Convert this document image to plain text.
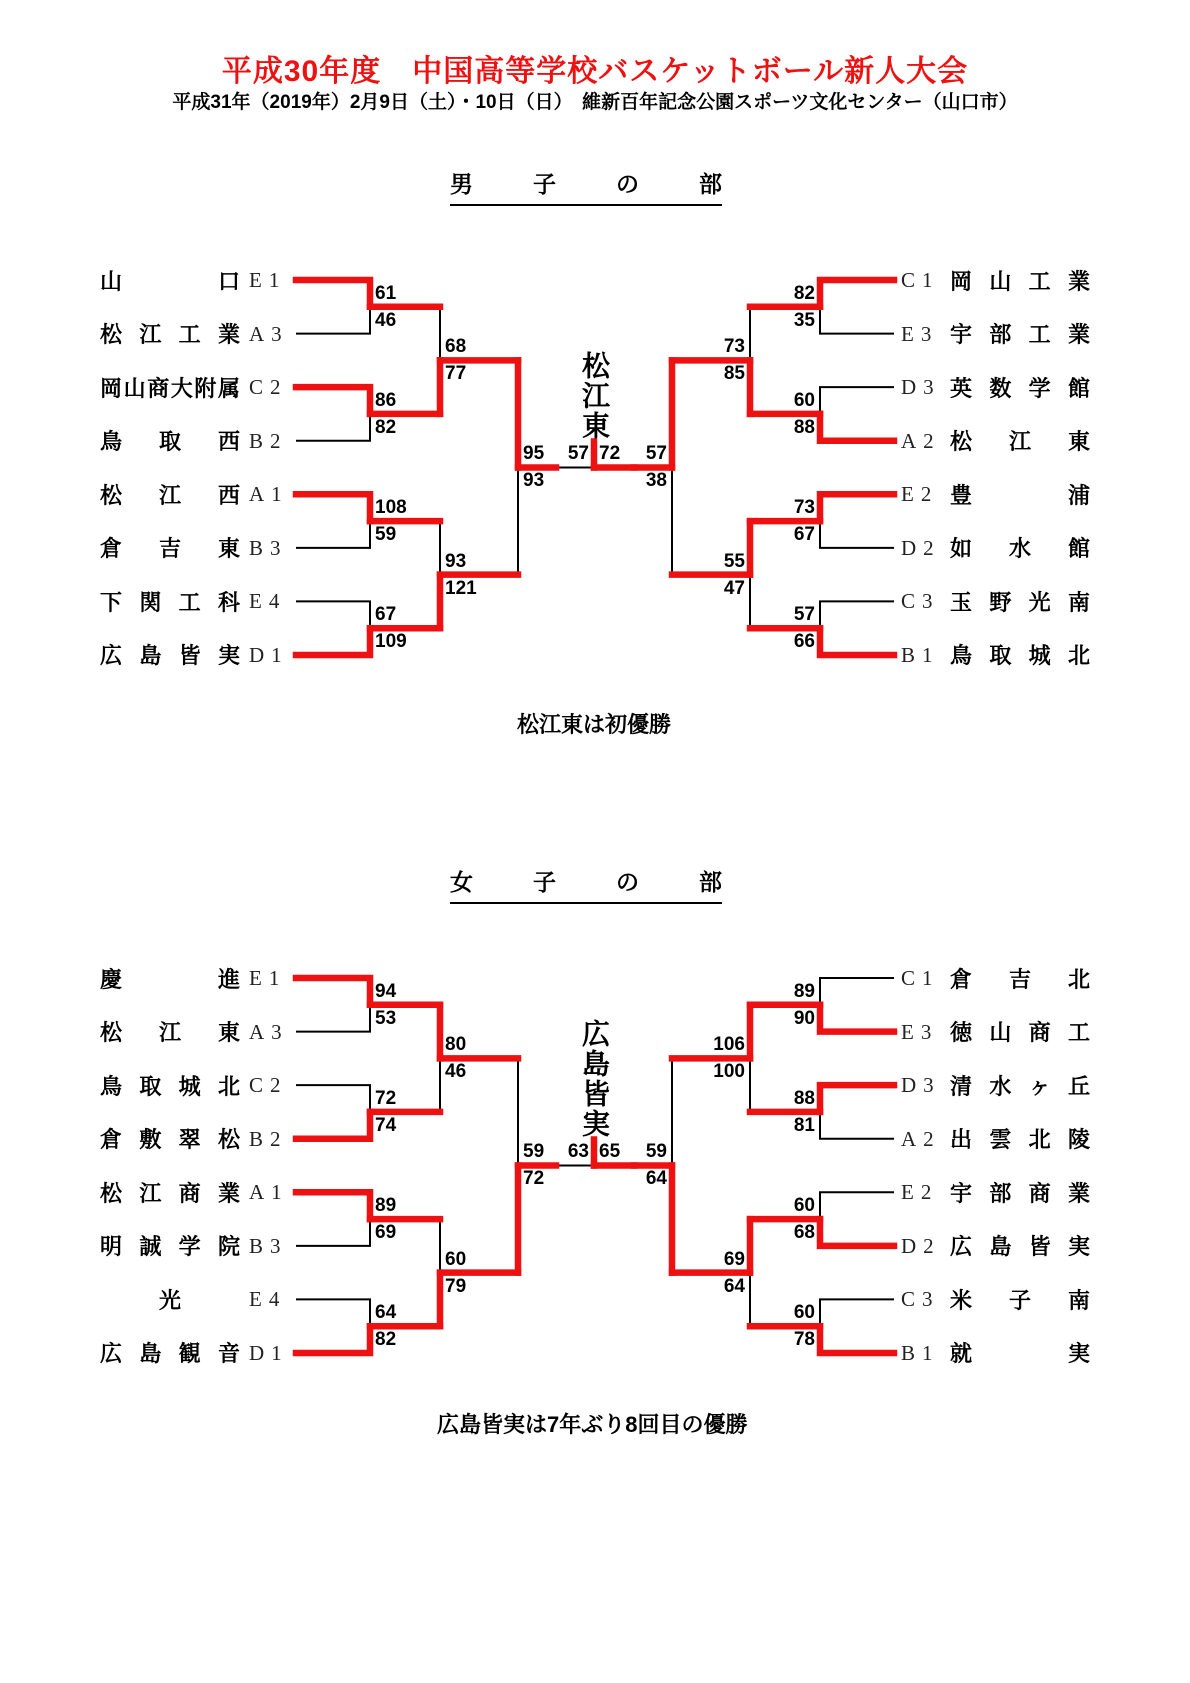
平成30年度　中国高等学校バスケットボール新人大会
平成31年（2019年）2月9日（土）・10日（日）　維新百年記念公園スポーツ文化センター（山口市）
男	子	の	部
松江東は初優勝
松江東
山	口 E1
松 江 工 業 A3
岡 山 商 大 附 属 C2
鳥 取 西 B2
松 江 西 A1
倉 吉 東 B3
下 関 工 科 E4
広 島 皆 実 D1
61
46
86
82
108
59
67
109
68
77
93
121
95
93
岡 山 工 業
C1
宇 部 工 業
E3
英 数 学 館
D3
松 江 東
A2
豊	浦
E2
如 水 館
D2
玉 野 光 南
C3
鳥 取 城 北
B1
82
35
60
88
73
67
57
66
73
85
55
47
57
38
57 72
女	子	の	部
広島皆実は7年ぶり8回目の優勝
広島皆実
慶	進 E1
松 江 東 A3
鳥 取 城 北 C2
倉 敷 翠 松 B2
松 江 商 業 A1
明 誠 学 院 B3
光	E4
広 島 観 音 D1
94
53
72
74
89
69
64
82
80
46
60
79
59
72
倉 吉 北
C1
徳 山 商 工
E3
清 水 ヶ 丘
D3
出 雲 北 陵
A2
宇 部 商 業
E2
広 島 皆 実
D2
米 子 南
C3
就	実
B1
89
90
88
81
60
68
60
78
106
100
69
64
59
64
63 65
